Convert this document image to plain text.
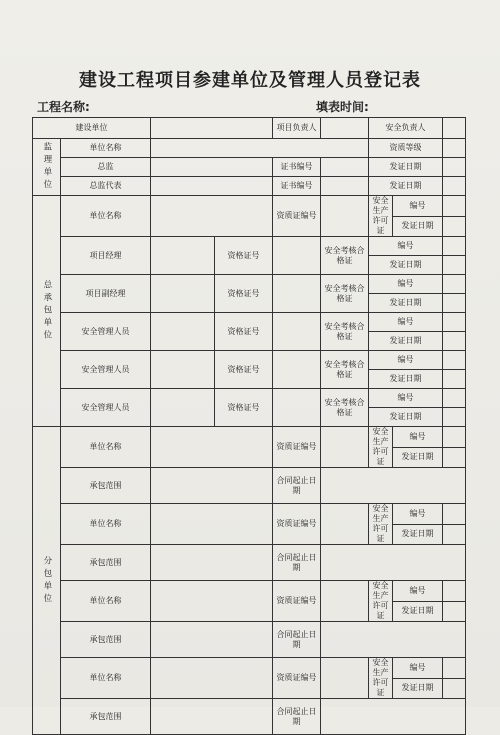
建设工程项目参建单位及管理人员登记表
工程名称:	填表时间:
建设单位				项目负责人		安全负责人		
监理单位	单位名称					资质等级		
	总监			证书编号		发证日期		
	总监代表			证书编号		发证日期		
总承包单位	单位名称			资质证编号		安全生产许可证	编号	
							发证日期	
	项目经理		资格证号		安全考核合格证	编号		
						发证日期		
	项目副经理		资格证号		安全考核合格证	编号		
						发证日期		
	安全管理人员		资格证号		安全考核合格证	编号		
						发证日期		
	安全管理人员		资格证号		安全考核合格证	编号		
						发证日期		
	安全管理人员		资格证号		安全考核合格证	编号		
						发证日期		
分包单位	单位名称			资质证编号		安全生产许可证	编号	
							发证日期	
	承包范围			合同起止日期				

	单位名称			资质证编号		安全生产许可证	编号	
							发证日期	
	承包范围			合同起止日期				

	单位名称			资质证编号		安全生产许可证	编号	
							发证日期	
	承包范围			合同起止日期				

	单位名称			资质证编号		安全生产许可证	编号	
							发证日期	
	承包范围			合同起止日期				
